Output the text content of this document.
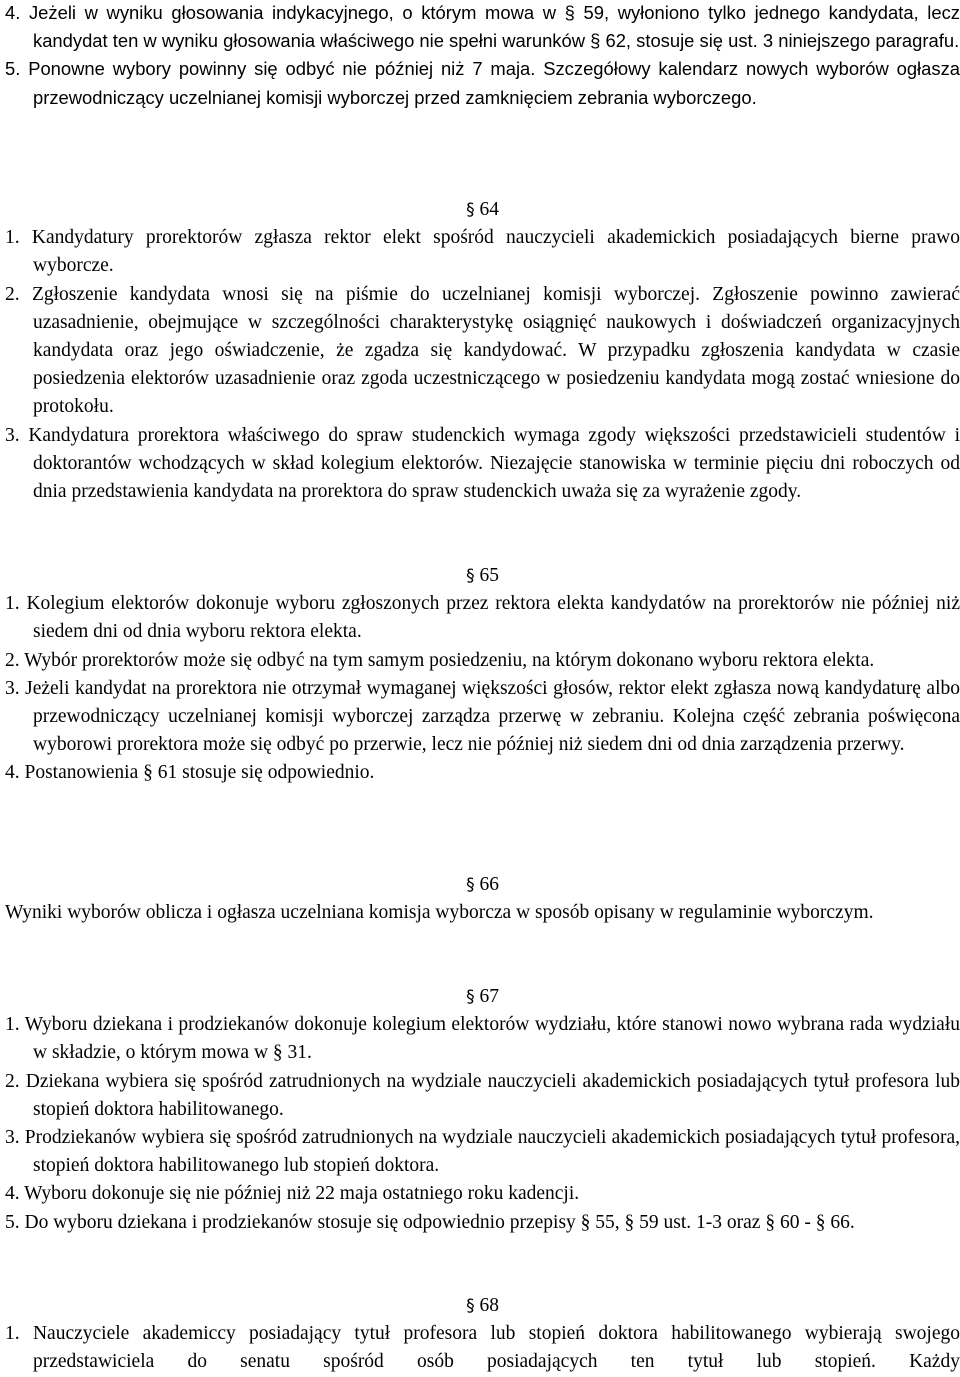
4. Jeżeli w wyniku głosowania indykacyjnego, o którym mowa w § 59, wyłoniono tylko jednego kandydata, lecz kandydat ten w wyniku głosowania właściwego nie spełni warunków § 62, stosuje się ust. 3 niniejszego paragrafu.

5. Ponowne wybory powinny się odbyć nie później niż 7 maja. Szczegółowy kalendarz nowych wyborów ogłasza przewodniczący uczelnianej komisji wyborczej przed zamknięciem zebrania wyborczego.

§ 64

1. Kandydatury prorektorów zgłasza rektor elekt spośród nauczycieli akademickich posiadających bierne prawo wyborcze.

2. Zgłoszenie kandydata wnosi się na piśmie do uczelnianej komisji wyborczej. Zgłoszenie powinno zawierać uzasadnienie, obejmujące w szczególności charakterystykę osiągnięć naukowych i doświadczeń organizacyjnych kandydata oraz jego oświadczenie, że zgadza się kandydować. W przypadku zgłoszenia kandydata w czasie posiedzenia elektorów uzasadnienie oraz zgoda uczestniczącego w posiedzeniu kandydata mogą zostać wniesione do protokołu.

3. Kandydatura prorektora właściwego do spraw studenckich wymaga zgody większości przedstawicieli studentów i doktorantów wchodzących w skład kolegium elektorów. Niezajęcie stanowiska w terminie pięciu dni roboczych od dnia przedstawienia kandydata na prorektora do spraw studenckich uważa się za wyrażenie zgody.

§ 65

1. Kolegium elektorów dokonuje wyboru zgłoszonych przez rektora elekta kandydatów na prorektorów nie później niż siedem dni od dnia wyboru rektora elekta.

2. Wybór prorektorów może się odbyć na tym samym posiedzeniu, na którym dokonano wyboru rektora elekta.

3. Jeżeli kandydat na prorektora nie otrzymał wymaganej większości głosów, rektor elekt zgłasza nową kandydaturę albo przewodniczący uczelnianej komisji wyborczej zarządza przerwę w zebraniu. Kolejna część zebrania poświęcona wyborowi prorektora może się odbyć po przerwie, lecz nie później niż siedem dni od dnia zarządzenia przerwy.

4. Postanowienia § 61 stosuje się odpowiednio.

§ 66

Wyniki wyborów oblicza i ogłasza uczelniana komisja wyborcza w sposób opisany w regulaminie wyborczym.

§ 67

1. Wyboru dziekana i prodziekanów dokonuje kolegium elektorów wydziału, które stanowi nowo wybrana rada wydziału w składzie, o którym mowa w § 31.

2. Dziekana wybiera się spośród zatrudnionych na wydziale nauczycieli akademickich posiadających tytuł profesora lub stopień doktora habilitowanego.

3. Prodziekanów wybiera się spośród zatrudnionych na wydziale nauczycieli akademickich posiadających tytuł profesora, stopień doktora habilitowanego lub stopień doktora.

4. Wyboru dokonuje się nie później niż 22 maja ostatniego roku kadencji.

5. Do wyboru dziekana i prodziekanów stosuje się odpowiednio przepisy § 55, § 59 ust. 1-3 oraz § 60 - § 66.

§ 68

1. Nauczyciele akademiccy posiadający tytuł profesora lub stopień doktora habilitowanego wybierają swojego przedstawiciela do senatu spośród osób posiadających ten tytuł lub stopień. Każdy
